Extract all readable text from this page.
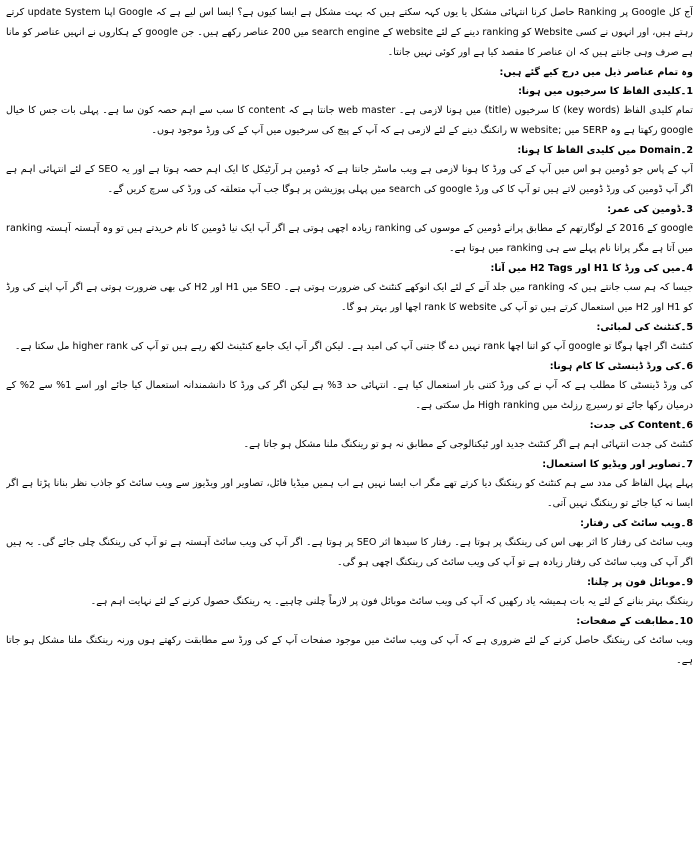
آج کل Google پر Ranking حاصل کرنا انتہائی مشکل یا یوں کہہ سکتے ہیں کہ بہت مشکل ہے ایسا کیوں ہے؟ ایسا اس لیے ہے کہ Google اپنا update System کرتے رہتے ہیں، اور انہوں نے کسی Website کو ranking دینے کے لئے website کے search engine میں 200 عناصر رکھے ہیں۔ جن google کے ہکاروں نے انہیں عناصر کو مانا ہے صرف وہی جانتے ہیں کہ ان عناصر کا مقصد کیا ہے اور کوئی نہیں جانتا۔

وہ تمام عناصر ذیل میں درج کیے گئے ہیں:

1۔کلیدی الفاظ کا سرخیوں میں ہونا:

تمام کلیدی الفاظ (key words) کا سرخیوں (title) میں ہونا لازمی ہے۔ web master جانتا ہے کہ content کا سب سے اہم حصہ کون سا ہے۔ پہلی بات جس کا خیال google رکھتا ہے وہ SERP میں ;w website رانکنگ دینے کے لئے لازمی ہے کہ آپ کے پیج کی سرخیوں میں آپ کے کی ورڈ موجود ہوں۔

2۔Domain میں کلیدی الفاظ کا ہونا:

آپ کے پاس جو ڈومین ہو اس میں آپ کے کی ورڈ کا ہونا لازمی ہے ویب ماسٹر جانتا ہے کہ ڈومین ہر آرٹیکل کا ایک اہم حصہ ہوتا ہے اور یہ SEO کے لئے انتہائی اہم ہے اگر آپ ڈومین کی ورڈ ڈومین لاتے ہیں تو آپ کا کی ورڈ google کی search میں پہلی پوزیشن پر ہوگا جب آپ متعلقہ کی ورڈ کی سرچ کریں گے۔

3۔ڈومین کی عمر:

google کے 2016 کے لوگارتھم کے مطابق پرانے ڈومین کے موسوں کی ranking زیادہ اچھی ہوتی ہے اگر آپ ایک نیا ڈومین کا نام خریدتے ہیں تو وہ آہستہ آہستہ ranking میں آتا ہے مگر پرانا نام پہلے سے ہی ranking میں ہوتا ہے۔

4۔میں کی ورڈ کا H1 اور H2 Tags میں آنا:

جیسا کہ ہم سب جانتے ہیں کہ ranking میں جلد آنے کے لئے ایک انوکھے کنٹنٹ کی ضرورت ہوتی ہے۔ SEO میں H1 اور H2 کی بھی ضرورت ہوتی ہے اگر آپ اپنے کی ورڈ کو H1 اور H2 میں استعمال کرتے ہیں تو آپ کی website کا rank اچھا اور بہتر ہو گا۔

5۔کنٹنٹ کی لمبائی:

کنٹنٹ اگر اچھا ہوگا تو google آپ کو اتنا اچھا rank نہیں دے گا جتنی آپ کی امید ہے۔ لیکن اگر آپ ایک جامع کنٹینٹ لکھ رہے ہیں تو آپ کی higher rank مل سکتا ہے۔

6۔کی ورڈ ڈینسٹی کا کام ہونا:

کی ورڈ ڈینسٹی کا مطلب ہے کہ آپ نے کی ورڈ کتنی بار استعمال کیا ہے۔ انتہائی حد 3% ہے لیکن اگر کی ورڈ کا دانشمندانہ استعمال کیا جائے اور اسے 1% سے 2% کے درمیان رکھا جائے تو رسیرچ رزلٹ میں High ranking مل سکتی ہے۔

6۔Content کی جدت:

کنٹنٹ کی جدت انتہائی اہم ہے اگر کنٹنٹ جدید اور ٹیکنالوجی کے مطابق نہ ہو تو رینکنگ ملنا مشکل ہو جاتا ہے۔

7۔تصاویر اور ویڈیو کا استعمال:

پہلے پہل الفاظ کی مدد سے ہم کنٹنٹ کو رینکنگ دیا کرتے تھے مگر اب ایسا نہیں ہے اب ہمیں میڈیا فائل، تصاویر اور ویڈیوز سے ویب سائٹ کو جاذب نظر بنانا پڑتا ہے اگر ایسا نہ کیا جائے تو رینکنگ نہیں آتی۔

8۔ویب سائٹ کی رفتار:

ویب سائٹ کی رفتار کا اثر بھی اس کی رینکنگ پر ہوتا ہے۔ رفتار کا سیدھا اثر SEO پر ہوتا ہے۔ اگر آپ کی ویب سائٹ آہستہ ہے تو آپ کی رینکنگ چلی جائے گی۔ یہ ہیں اگر آپ کی ویب سائٹ کی رفتار زیادہ ہے تو آپ کی ویب سائٹ کی رینکنگ اچھی ہو گی۔

9۔موبائل فون پر چلنا:

رینکنگ بہتر بنانے کے لئے یہ بات ہمیشہ یاد رکھیں کہ آپ کی ویب سائٹ موبائل فون پر لازماً چلنی چاہیے۔ یہ رینکنگ حصول کرنے کے لئے نہایت اہم ہے۔

10۔مطابقت کے صفحات:

ویب سائٹ کی رینکنگ حاصل کرنے کے لئے ضروری ہے کہ آپ کی ویب سائٹ میں موجود صفحات آپ کے کی ورڈ سے مطابقت رکھتے ہوں ورنہ رینکنگ ملنا مشکل ہو جاتا ہے۔
